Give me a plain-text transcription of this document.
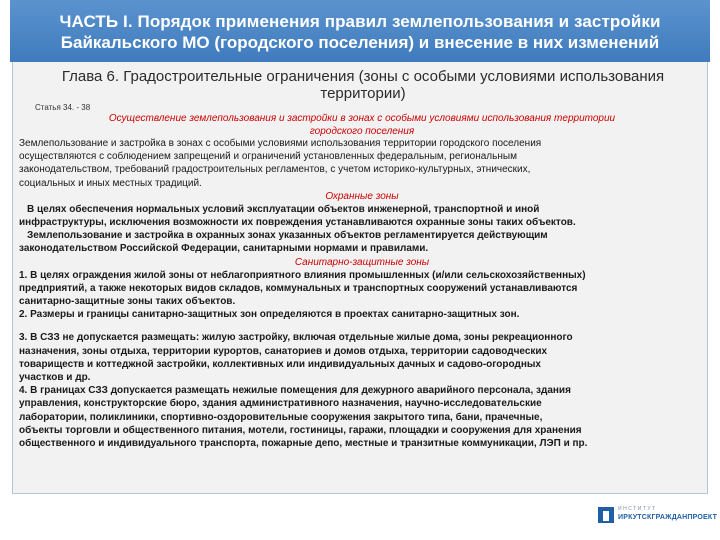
ЧАСТЬ I. Порядок применения правил землепользования и застройки
Байкальского МО (городского поселения) и внесение в них изменений
Глава 6. Градостроительные ограничения (зоны с особыми условиями использования
территории)
Статья 34. - 38
Осуществление землепользования и застройки в зонах с особыми условиями использования территории
городского поселения

Землепользование и застройка в зонах с особыми условиями использования территории городского поселения

осуществляются с соблюдением запрещений и ограничений установленных федеральным, региональным

законодательством, требований градостроительных регламентов, с учетом историко-культурных, этнических,

социальных и иных местных традиций.

Охранные зоны

В целях обеспечения нормальных условий эксплуатации объектов инженерной, транспортной и иной

инфраструктуры, исключения возможности их повреждения устанавливаются охранные зоны таких объектов.

Землепользование и застройка в охранных зонах указанных объектов регламентируется действующим

законодательством Российской Федерации, санитарными нормами и правилами.

Санитарно-защитные зоны

1. В целях ограждения жилой зоны от неблагоприятного влияния промышленных (и/или сельскохозяйственных)

предприятий, а также некоторых видов складов, коммунальных и транспортных сооружений устанавливаются

санитарно-защитные зоны таких объектов.

2. Размеры и границы санитарно-защитных зон определяются в проектах санитарно-защитных зон.

3. В СЗЗ не допускается размещать: жилую застройку, включая отдельные жилые дома, зоны рекреационного

назначения, зоны отдыха, территории курортов, санаториев и домов отдыха, территории садоводческих

товариществ и коттеджной застройки, коллективных или индивидуальных дачных и садово-огородных

участков и др.

4. В границах СЗЗ допускается размещать нежилые помещения для дежурного аварийного персонала, здания

управления, конструкторские бюро, здания административного назначения, научно-исследовательские

лаборатории, поликлиники, спортивно-оздоровительные сооружения закрытого типа, бани, прачечные,

объекты торговли и общественного питания, мотели, гостиницы, гаражи, площадки и сооружения для хранения

общественного и индивидуального транспорта, пожарные депо, местные и транзитные коммуникации, ЛЭП и пр.

ИНСТИТУТ
ИРКУТСКГРАЖДАНПРОЕКТ
